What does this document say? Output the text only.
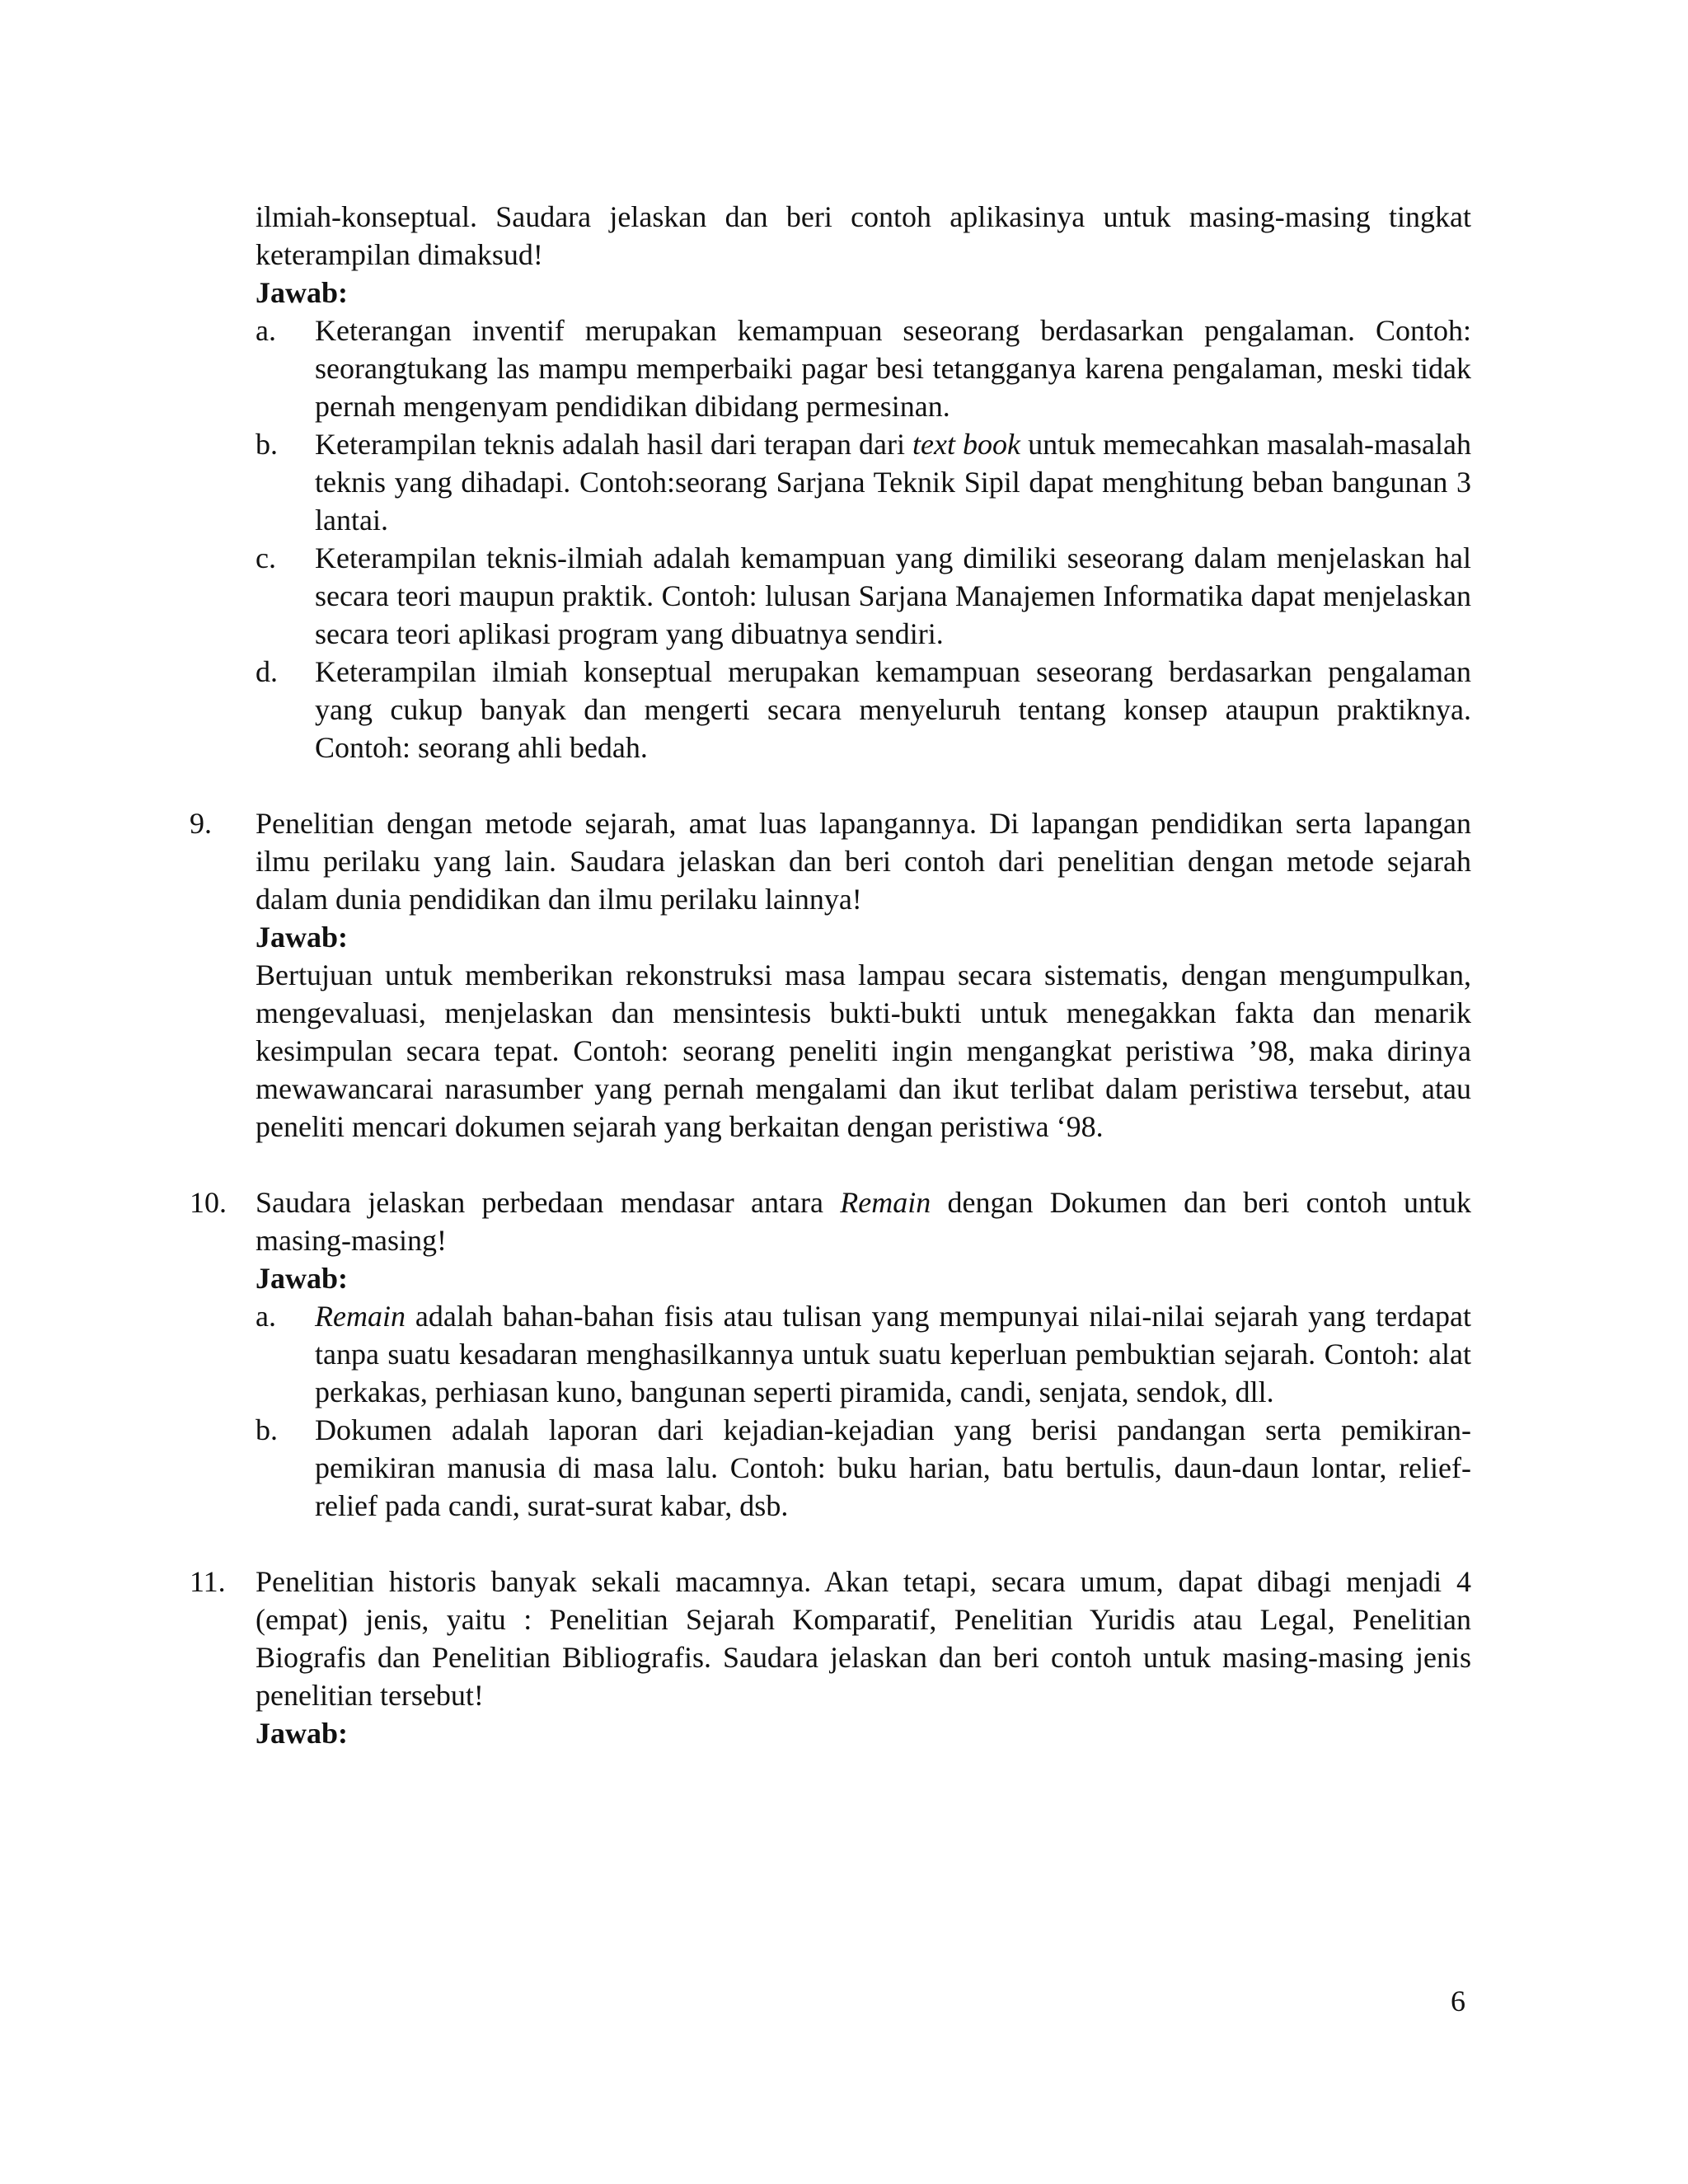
ilmiah-konseptual. Saudara jelaskan dan beri contoh aplikasinya untuk masing-masing tingkat keterampilan dimaksud!

Jawab:

a. Keterangan inventif merupakan kemampuan seseorang berdasarkan pengalaman. Contoh: seorangtukang las mampu memperbaiki pagar besi tetangganya karena pengalaman, meski tidak pernah mengenyam pendidikan dibidang permesinan.
b. Keterampilan teknis adalah hasil dari terapan dari text book untuk memecahkan masalah-masalah teknis yang dihadapi. Contoh:seorang Sarjana Teknik Sipil dapat menghitung beban bangunan 3 lantai.
c. Keterampilan teknis-ilmiah adalah kemampuan yang dimiliki seseorang dalam menjelaskan hal secara teori maupun praktik. Contoh: lulusan Sarjana Manajemen Informatika dapat menjelaskan secara teori aplikasi program yang dibuatnya sendiri.
d. Keterampilan ilmiah konseptual merupakan kemampuan seseorang berdasarkan pengalaman yang cukup banyak dan mengerti secara menyeluruh tentang konsep ataupun praktiknya. Contoh: seorang ahli bedah.
9.	Penelitian dengan metode sejarah, amat luas lapangannya. Di lapangan pendidikan serta lapangan ilmu perilaku yang lain. Saudara jelaskan dan beri contoh dari penelitian dengan metode sejarah dalam dunia pendidikan dan ilmu perilaku lainnya!

Jawab:

Bertujuan untuk memberikan rekonstruksi masa lampau secara sistematis, dengan mengumpulkan, mengevaluasi, menjelaskan dan mensintesis bukti-bukti untuk menegakkan fakta dan menarik kesimpulan secara tepat. Contoh: seorang peneliti ingin mengangkat peristiwa ’98, maka dirinya mewawancarai narasumber yang pernah mengalami dan ikut terlibat dalam peristiwa tersebut, atau peneliti mencari dokumen sejarah yang berkaitan dengan peristiwa ‘98.

10. Saudara jelaskan perbedaan mendasar antara Remain dengan Dokumen dan beri contoh untuk masing-masing!

Jawab:

a. Remain adalah bahan-bahan fisis atau tulisan yang mempunyai nilai-nilai sejarah yang terdapat tanpa suatu kesadaran menghasilkannya untuk suatu keperluan pembuktian sejarah. Contoh: alat perkakas, perhiasan kuno, bangunan seperti piramida, candi, senjata, sendok, dll.
b. Dokumen adalah laporan dari kejadian-kejadian yang berisi pandangan serta pemikiran-pemikiran manusia di masa lalu. Contoh: buku harian, batu bertulis, daun-daun lontar, relief-relief pada candi, surat-surat kabar, dsb.
11.	Penelitian historis banyak sekali macamnya. Akan tetapi, secara umum, dapat dibagi menjadi 4 (empat) jenis, yaitu : Penelitian Sejarah Komparatif, Penelitian Yuridis atau Legal, Penelitian Biografis dan Penelitian Bibliografis. Saudara jelaskan dan beri contoh untuk masing-masing jenis penelitian tersebut!

Jawab:

6
